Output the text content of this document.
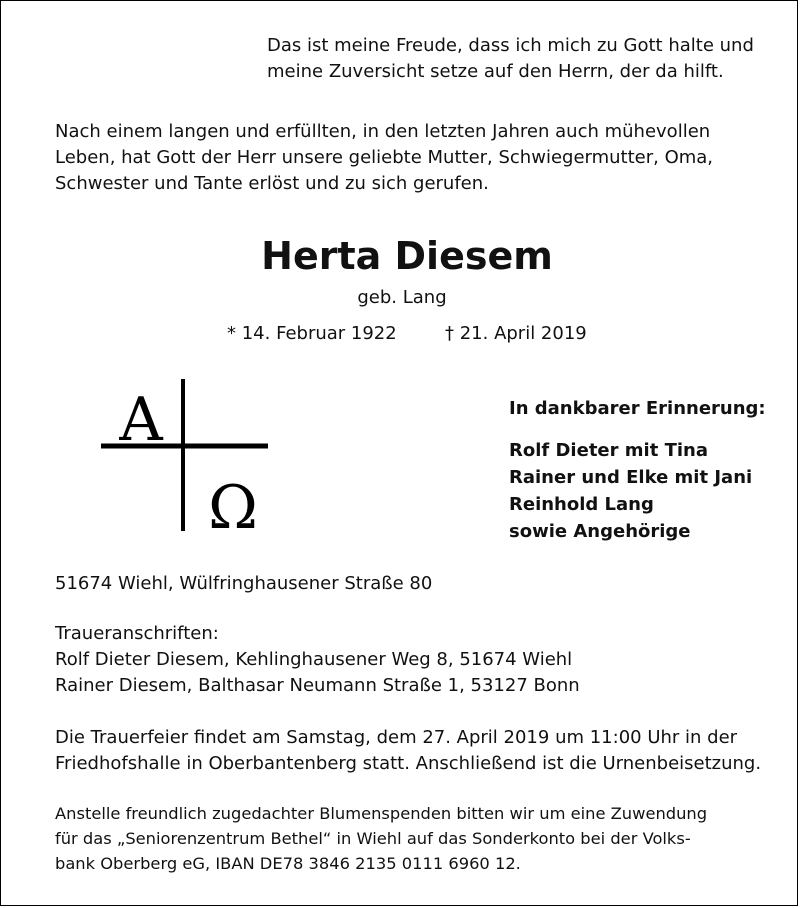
Das ist meine Freude, dass ich mich zu Gott halte und
meine Zuversicht setze auf den Herrn, der da hilft.
Nach einem langen und erfüllten, in den letzten Jahren auch mühevollen
Leben, hat Gott der Herr unsere geliebte Mutter, Schwiegermutter, Oma,
Schwester und Tante erlöst und zu sich gerufen.
Herta Diesem
geb. Lang
* 14. Februar 1922	† 21. April 2019
A
Ω
In dankbarer Erinnerung:
Rolf Dieter mit Tina
Rainer und Elke mit Jani
Reinhold Lang
sowie Angehörige
51674 Wiehl, Wülfringhausener Straße 80
Traueranschriften:
Rolf Dieter Diesem, Kehlinghausener Weg 8, 51674 Wiehl
Rainer Diesem, Balthasar Neumann Straße 1, 53127 Bonn
Die Trauerfeier findet am Samstag, dem 27. April 2019 um 11:00 Uhr in der
Friedhofshalle in Oberbantenberg statt. Anschließend ist die Urnenbeisetzung.
Anstelle freundlich zugedachter Blumenspenden bitten wir um eine Zuwendung
für das „Seniorenzentrum Bethel“ in Wiehl auf das Sonderkonto bei der Volks-
bank Oberberg eG, IBAN DE78 3846 2135 0111 6960 12.
